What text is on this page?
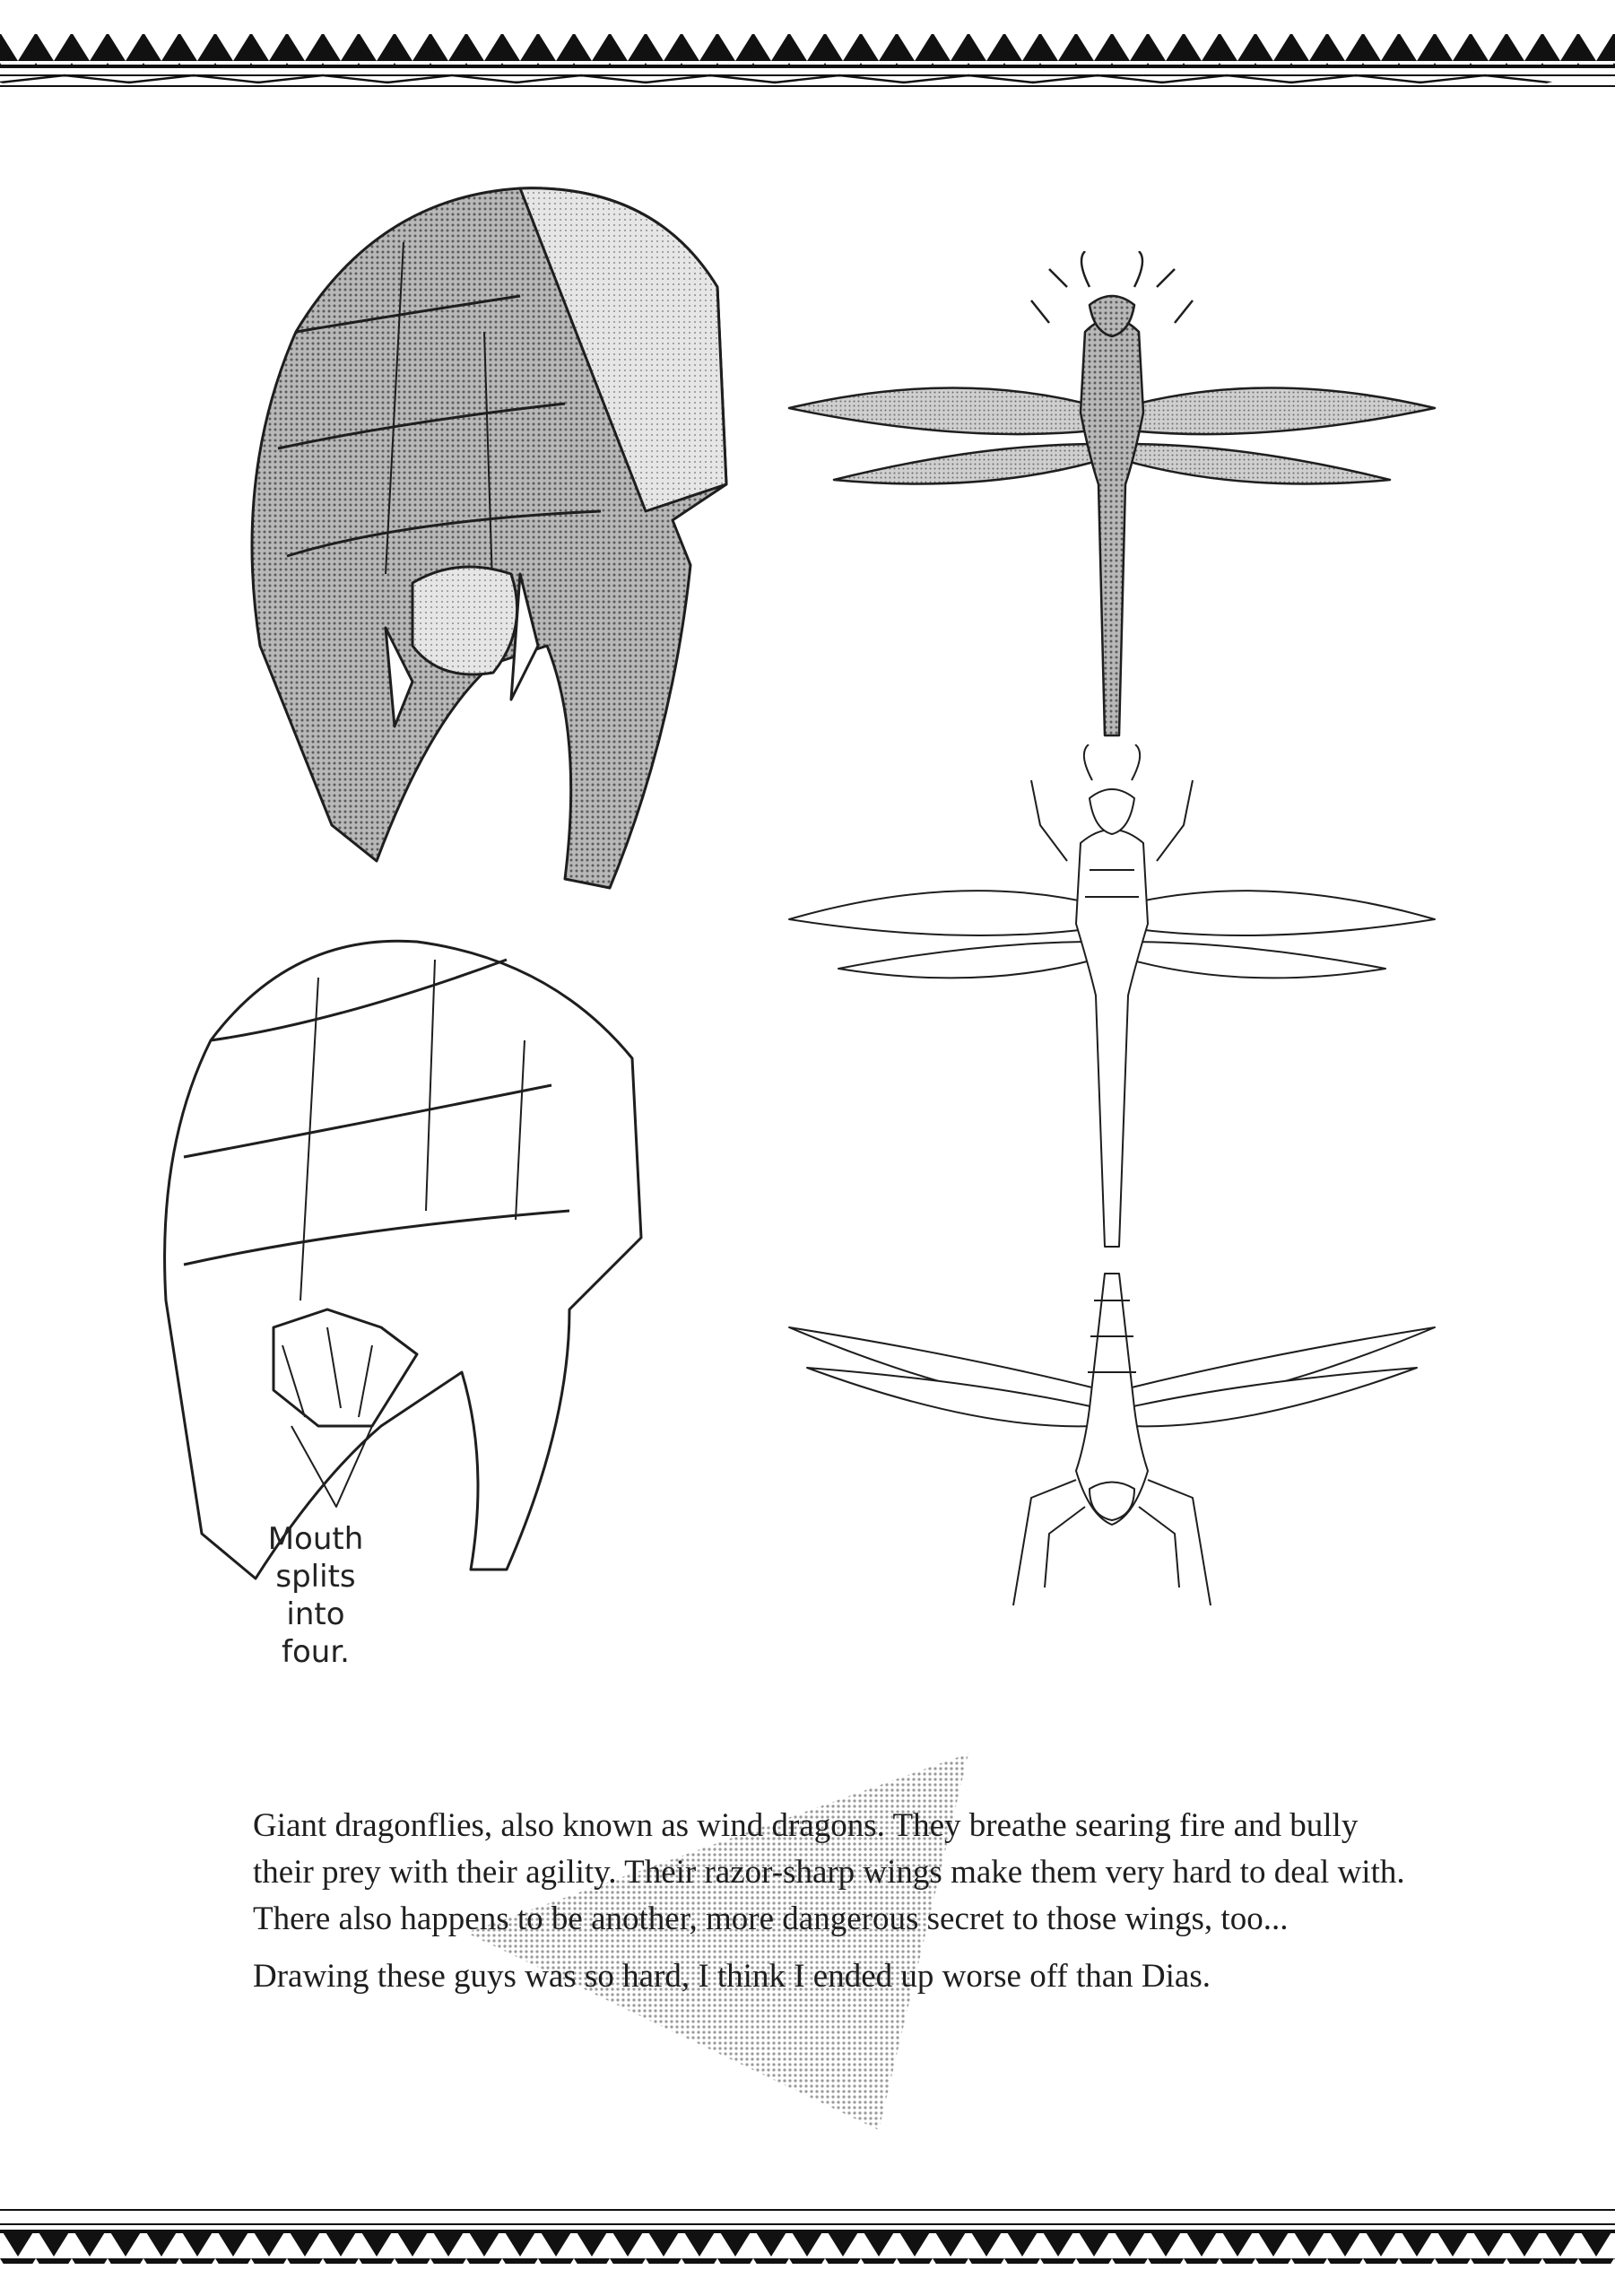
Mouth
splits
into
four.

Giant dragonflies, also known as wind dragons. They breathe searing fire and bully their prey with their agility. Their razor-sharp wings make them very hard to deal with. There also happens to be another, more dangerous secret to those wings, too...

Drawing these guys was so hard, I think I ended up worse off than Dias.
